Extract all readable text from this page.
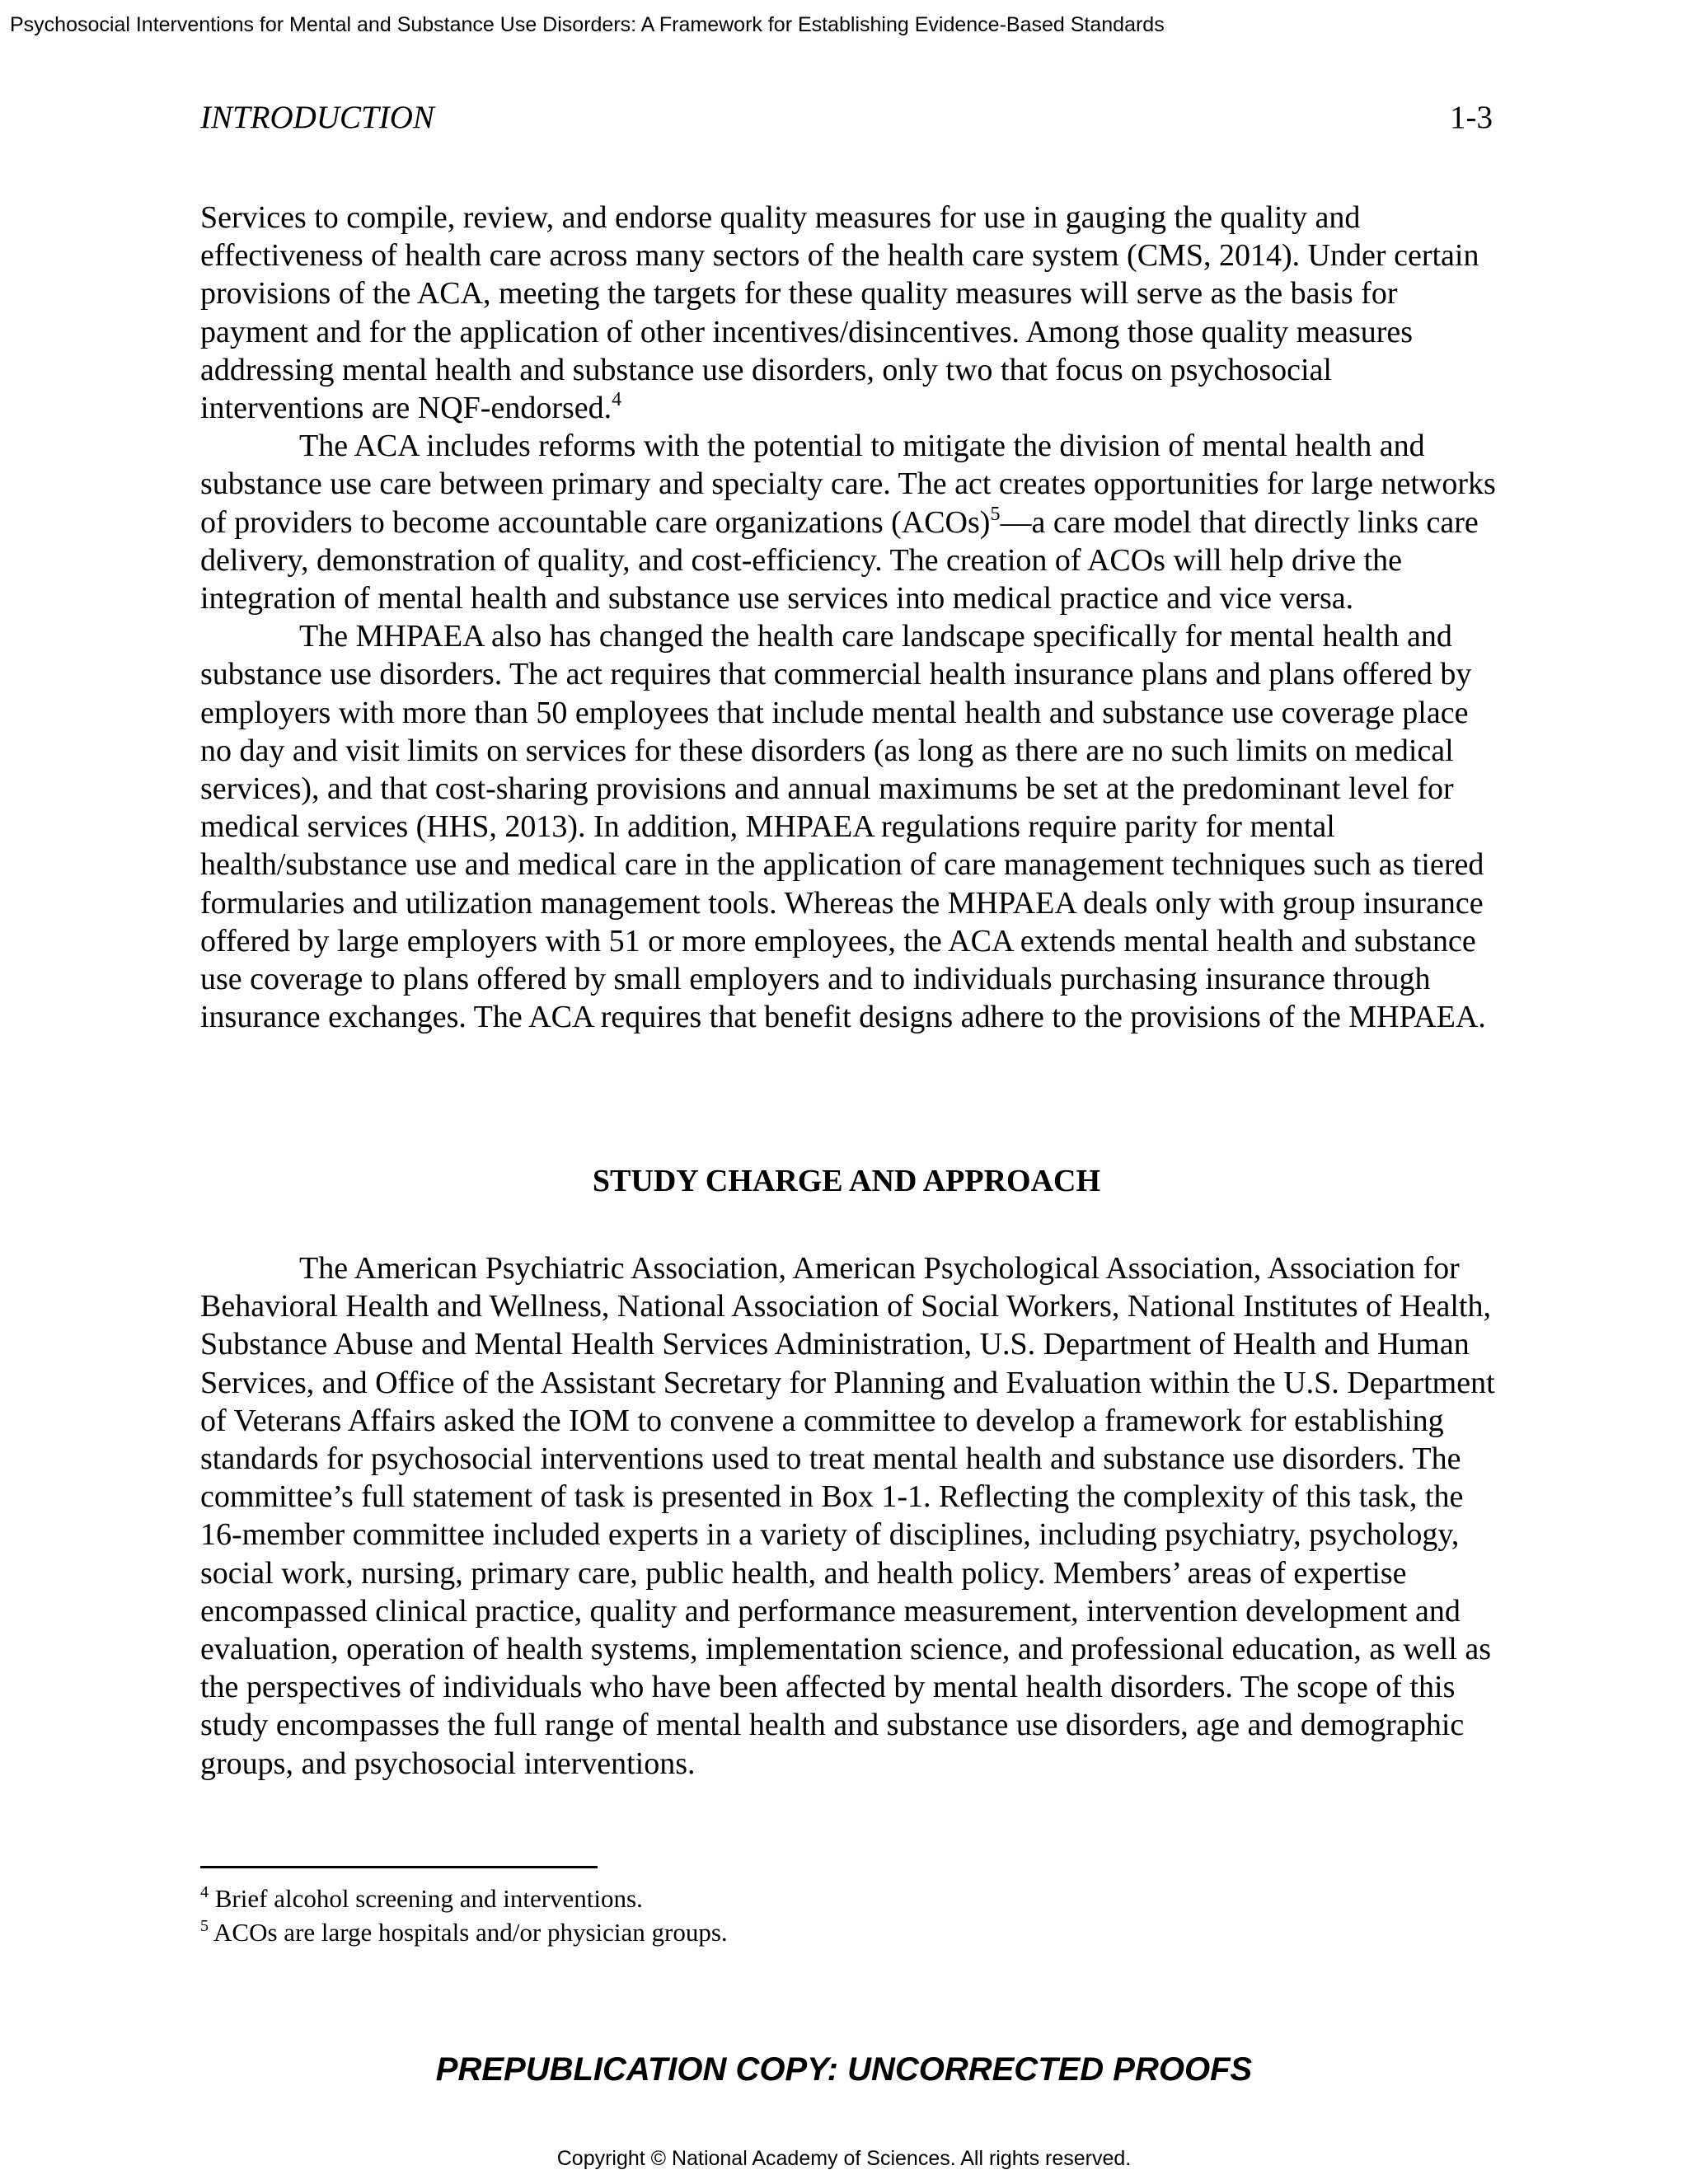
Psychosocial Interventions for Mental and Substance Use Disorders: A Framework for Establishing Evidence-Based Standards
INTRODUCTION	1-3

Services to compile, review, and endorse quality measures for use in gauging the quality and effectiveness of health care across many sectors of the health care system (CMS, 2014). Under certain provisions of the ACA, meeting the targets for these quality measures will serve as the basis for payment and for the application of other incentives/disincentives. Among those quality measures addressing mental health and substance use disorders, only two that focus on psychosocial interventions are NQF-endorsed.$^4$

The ACA includes reforms with the potential to mitigate the division of mental health and substance use care between primary and specialty care. The act creates opportunities for large networks of providers to become accountable care organizations (ACOs)$^5$—a care model that directly links care delivery, demonstration of quality, and cost-efficiency. The creation of ACOs will help drive the integration of mental health and substance use services into medical practice and vice versa.

The MHPAEA also has changed the health care landscape specifically for mental health and substance use disorders. The act requires that commercial health insurance plans and plans offered by employers with more than 50 employees that include mental health and substance use coverage place no day and visit limits on services for these disorders (as long as there are no such limits on medical services), and that cost-sharing provisions and annual maximums be set at the predominant level for medical services (HHS, 2013). In addition, MHPAEA regulations require parity for mental health/substance use and medical care in the application of care management techniques such as tiered formularies and utilization management tools. Whereas the MHPAEA deals only with group insurance offered by large employers with 51 or more employees, the ACA extends mental health and substance use coverage to plans offered by small employers and to individuals purchasing insurance through insurance exchanges. The ACA requires that benefit designs adhere to the provisions of the MHPAEA.

STUDY CHARGE AND APPROACH

The American Psychiatric Association, American Psychological Association, Association for Behavioral Health and Wellness, National Association of Social Workers, National Institutes of Health, Substance Abuse and Mental Health Services Administration, U.S. Department of Health and Human Services, and Office of the Assistant Secretary for Planning and Evaluation within the U.S. Department of Veterans Affairs asked the IOM to convene a committee to develop a framework for establishing standards for psychosocial interventions used to treat mental health and substance use disorders. The committee’s full statement of task is presented in Box 1-1. Reflecting the complexity of this task, the 16-member committee included experts in a variety of disciplines, including psychiatry, psychology, social work, nursing, primary care, public health, and health policy. Members’ areas of expertise encompassed clinical practice, quality and performance measurement, intervention development and evaluation, operation of health systems, implementation science, and professional education, as well as the perspectives of individuals who have been affected by mental health disorders. The scope of this study encompasses the full range of mental health and substance use disorders, age and demographic groups, and psychosocial interventions.

$^4$ Brief alcohol screening and interventions.
$^5$ ACOs are large hospitals and/or physician groups.
PREPUBLICATION COPY: UNCORRECTED PROOFS
Copyright © National Academy of Sciences. All rights reserved.
